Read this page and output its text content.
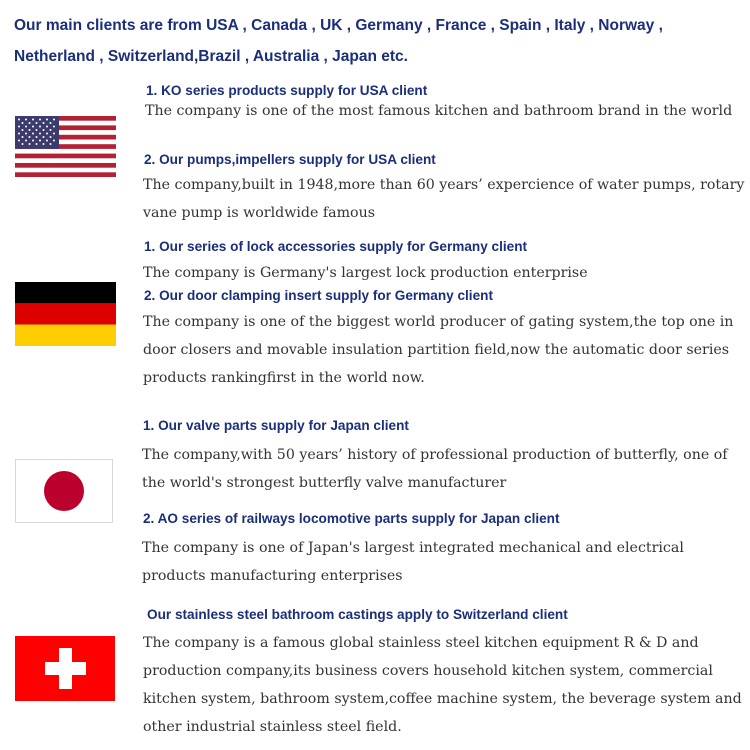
Our main clients are from USA , Canada , UK , Germany , France , Spain , Italy , Norway , Netherland , Switzerland,Brazil , Australia , Japan etc.

1. KO series products supply for USA client

The company is one of the most famous kitchen and bathroom brand in the world

2. Our pumps,impellers supply for USA client

The company,built in 1948,more than 60 years’ expercience of water pumps, rotary vane pump is worldwide famous

1. Our series of lock accessories supply for Germany client

The company is Germany's largest lock production enterprise

2. Our door clamping insert supply for Germany client

The company is one of the biggest world producer of gating system,the top one in door closers and movable insulation partition field,now the automatic door series products rankingfirst in the world now.

1. Our valve parts supply for Japan client

The company,with 50 years’ history of professional production of butterfly, one of the world's strongest butterfly valve manufacturer

2. AO series of railways locomotive parts supply for Japan client

The company is one of Japan's largest integrated mechanical and electrical products manufacturing enterprises

Our stainless steel bathroom castings apply to Switzerland client

The company is a famous global stainless steel kitchen equipment R & D and production company,its business covers household kitchen system, commercial kitchen system, bathroom system,coffee machine system, the beverage system and other industrial stainless steel field.
